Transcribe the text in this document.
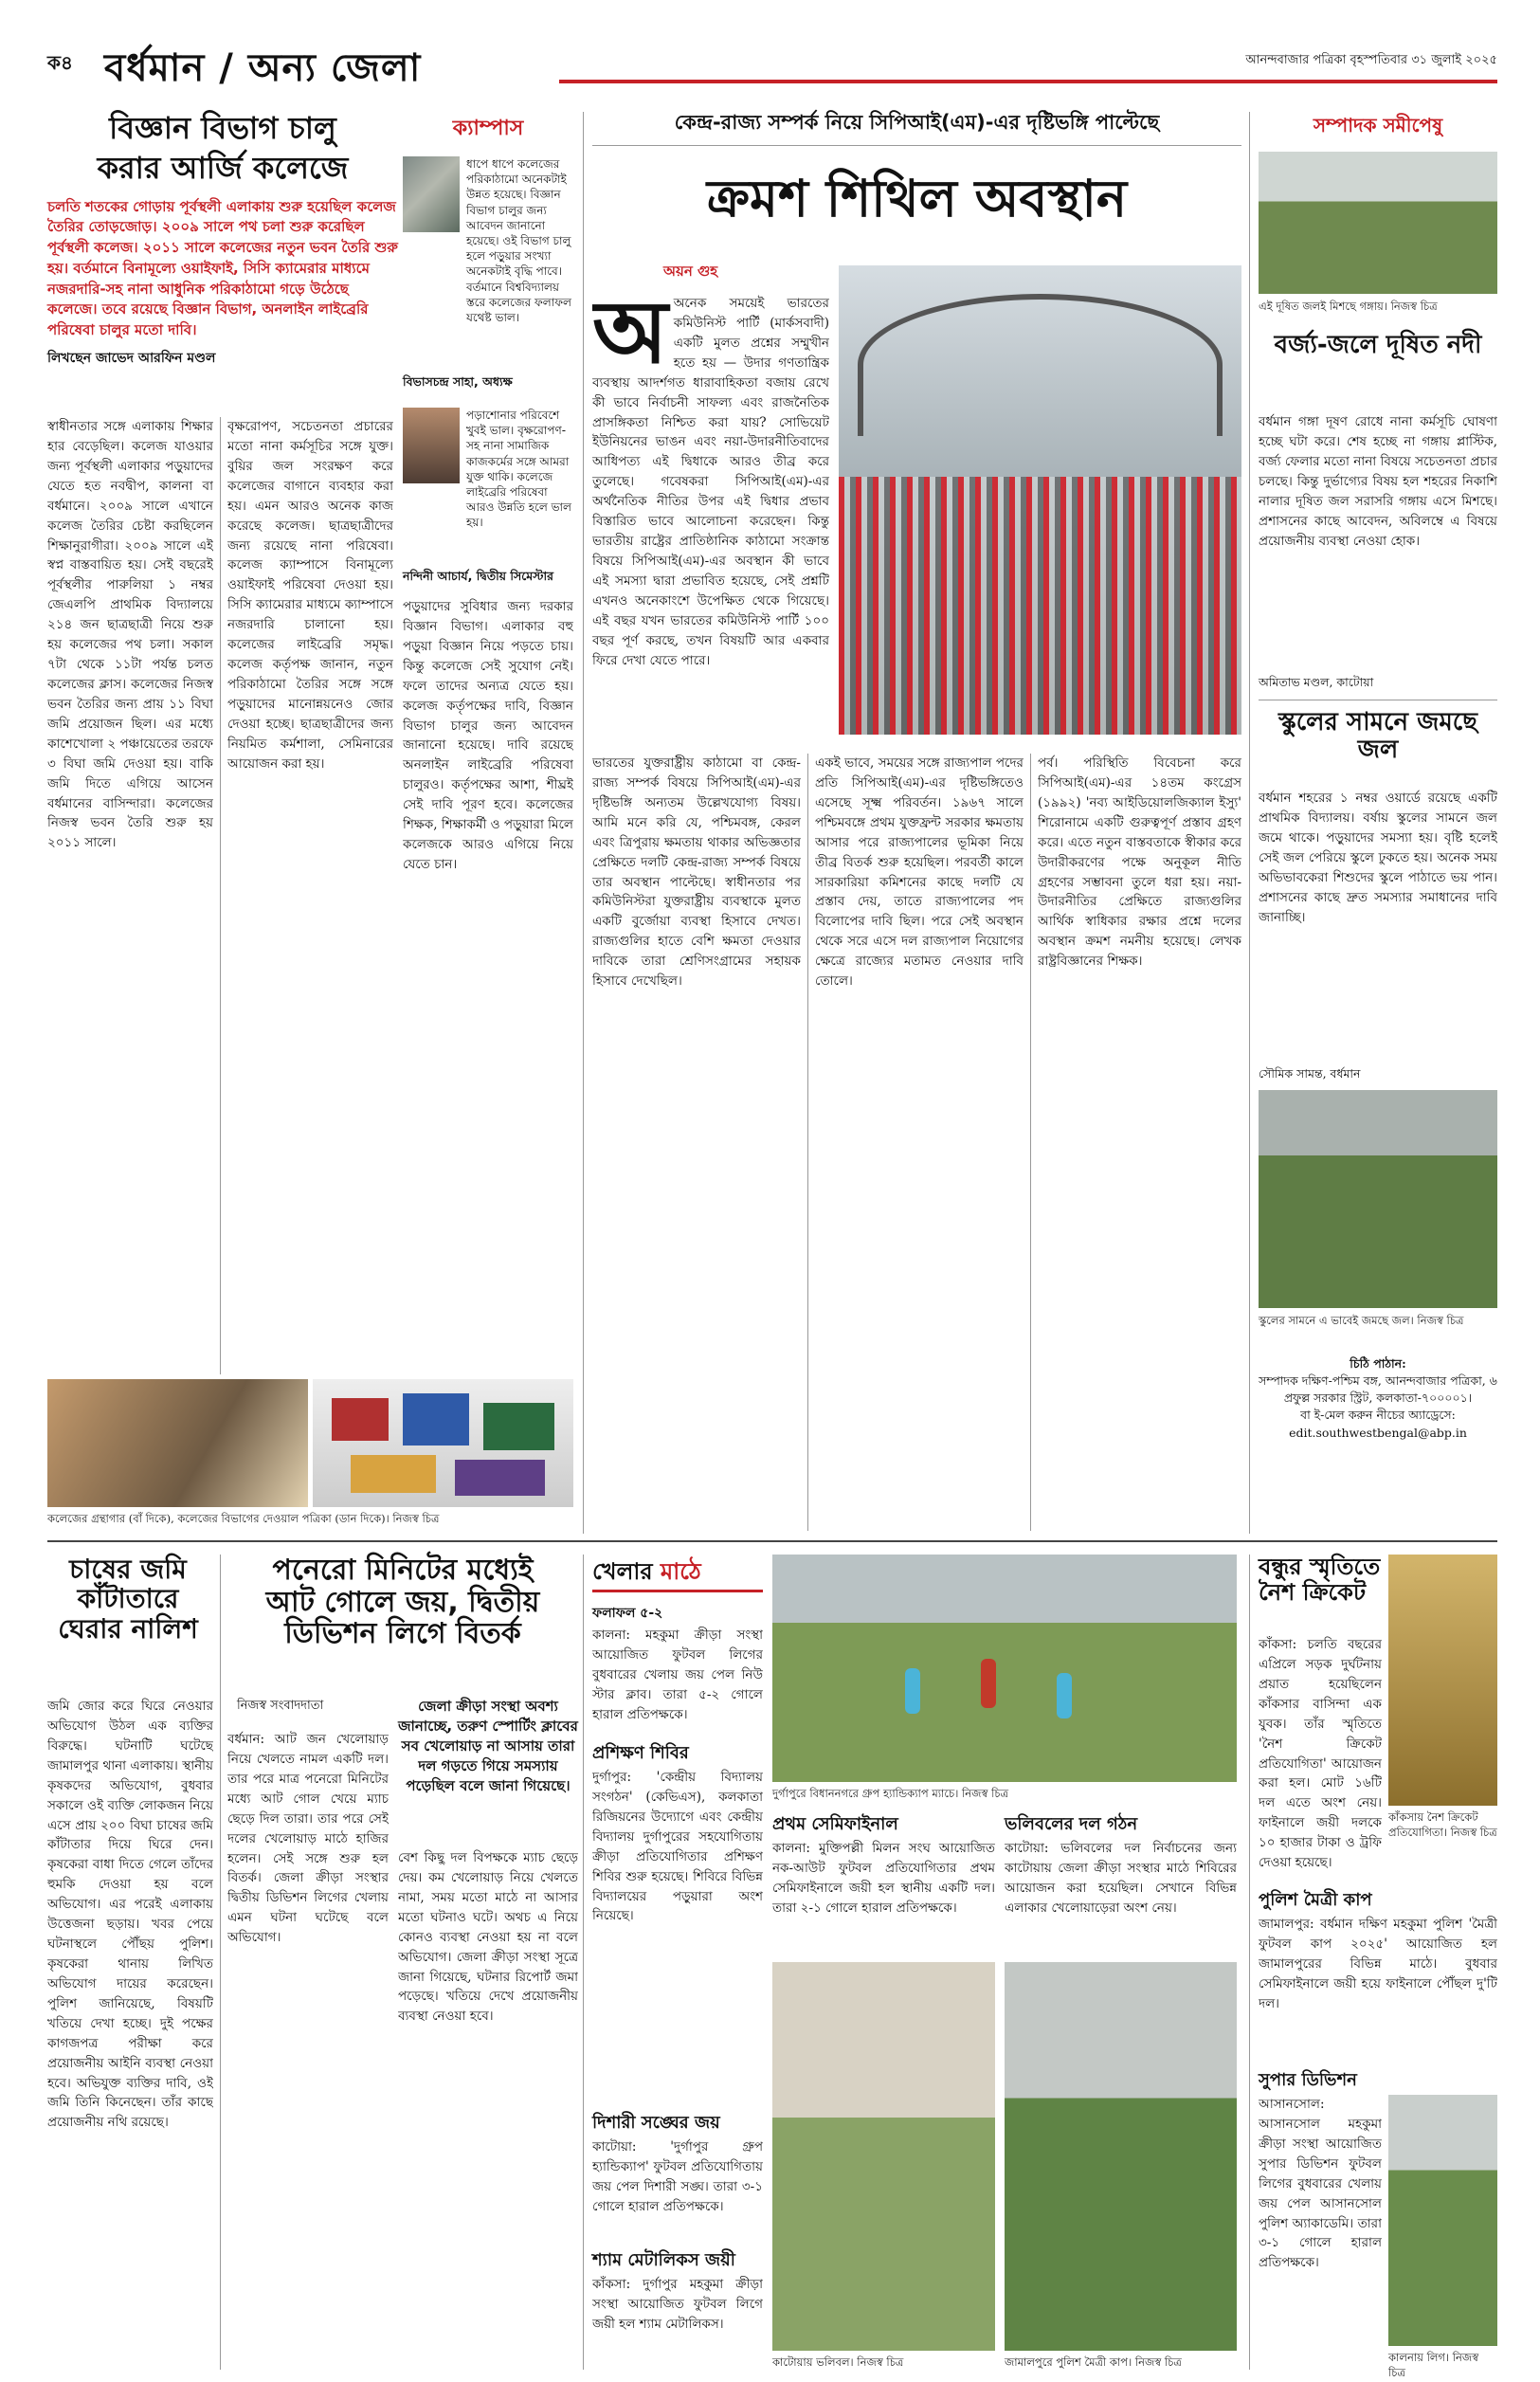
ক৪ বর্ধমান / অন্য জেলা	আনন্দবাজার পত্রিকা বৃহস্পতিবার ৩১ জুলাই ২০২৫
বিজ্ঞান বিভাগ চালু
করার আর্জি কলেজে
চলতি শতকের গোড়ায় পূর্বস্থলী এলাকায় শুরু হয়েছিল কলেজ তৈরির তোড়জোড়। ২০০৯ সালে পথ চলা শুরু করেছিল পূর্বস্থলী কলেজ। ২০১১ সালে কলেজের নতুন ভবন তৈরি শুরু হয়। বর্তমানে বিনামূল্যে ওয়াইফাই, সিসি ক্যামেরার মাধ্যমে নজরদারি-সহ নানা আধুনিক পরিকাঠামো গড়ে উঠেছে কলেজে। তবে রয়েছে বিজ্ঞান বিভাগ, অনলাইন লাইব্রেরি পরিষেবা চালুর মতো দাবি।
লিখছেন জাভেদ আরফিন মণ্ডল
স্বাধীনতার সঙ্গে এলাকায় শিক্ষার হার বেড়েছিল। কলেজ যাওয়ার জন্য পূর্বস্থলী এলাকার পড়ুয়াদের যেতে হত নবদ্বীপ, কালনা বা বর্ধমানে। ২০০৯ সালে এখানে কলেজ তৈরির চেষ্টা করছিলেন শিক্ষানুরাগীরা। ২০০৯ সালে এই স্বপ্ন বাস্তবায়িত হয়। সেই বছরেই পূর্বস্থলীর পারুলিয়া ১ নম্বর জেএলপি প্রাথমিক বিদ্যালয়ে ২১৪ জন ছাত্রছাত্রী নিয়ে শুরু হয় কলেজের পথ চলা। সকাল ৭টা থেকে ১১টা পর্যন্ত চলত কলেজের ক্লাস। কলেজের নিজস্ব ভবন তৈরির জন্য প্রায় ১১ বিঘা জমি প্রয়োজন ছিল। এর মধ্যে কাশেখোলা ২ পঞ্চায়েতের তরফে ৩ বিঘা জমি দেওয়া হয়। বাকি জমি দিতে এগিয়ে আসেন বর্ধমানের বাসিন্দারা। কলেজের নিজস্ব ভবন তৈরি শুরু হয় ২০১১ সালে।
বৃক্ষরোপণ, সচেতনতা প্রচারের মতো নানা কর্মসূচির সঙ্গে যুক্ত। বুয়ির জল সংরক্ষণ করে কলেজের বাগানে ব্যবহার করা হয়। এমন আরও অনেক কাজ করেছে কলেজ। ছাত্রছাত্রীদের জন্য রয়েছে নানা পরিষেবা। কলেজ ক্যাম্পাসে বিনামূল্যে ওয়াইফাই পরিষেবা দেওয়া হয়। সিসি ক্যামেরার মাধ্যমে ক্যাম্পাসে নজরদারি চালানো হয়। কলেজের লাইব্রেরি সমৃদ্ধ। কলেজ কর্তৃপক্ষ জানান, নতুন পরিকাঠামো তৈরির সঙ্গে সঙ্গে পড়ুয়াদের মানোন্নয়নেও জোর দেওয়া হচ্ছে। ছাত্রছাত্রীদের জন্য নিয়মিত কর্মশালা, সেমিনারের আয়োজন করা হয়।
ক্যাম্পাস
ধাপে ধাপে কলেজের পরিকাঠামো অনেকটাই উন্নত হয়েছে। বিজ্ঞান বিভাগ চালুর জন্য আবেদন জানানো হয়েছে। ওই বিভাগ চালু হলে পড়ুয়ার সংখ্যা অনেকটাই বৃদ্ধি পাবে। বর্তমানে বিশ্ববিদ্যালয় স্তরে কলেজের ফলাফল যথেষ্ট ভাল।
বিভাসচন্দ্র সাহা, অধ্যক্ষ
পড়াশোনার পরিবেশে খুবই ভাল। বৃক্ষরোপণ-সহ নানা সামাজিক কাজকর্মের সঙ্গে আমরা যুক্ত থাকি। কলেজে লাইব্রেরি পরিষেবা আরও উন্নতি হলে ভাল হয়।
নন্দিনী আচার্য, দ্বিতীয় সিমেস্টার
পড়ুয়াদের সুবিধার জন্য দরকার বিজ্ঞান বিভাগ। এলাকার বহু পড়ুয়া বিজ্ঞান নিয়ে পড়তে চায়। কিন্তু কলেজে সেই সুযোগ নেই। ফলে তাদের অন্যত্র যেতে হয়। কলেজ কর্তৃপক্ষের দাবি, বিজ্ঞান বিভাগ চালুর জন্য আবেদন জানানো হয়েছে। দাবি রয়েছে অনলাইন লাইব্রেরি পরিষেবা চালুরও। কর্তৃপক্ষের আশা, শীঘ্রই সেই দাবি পূরণ হবে। কলেজের শিক্ষক, শিক্ষাকর্মী ও পড়ুয়ারা মিলে কলেজকে আরও এগিয়ে নিয়ে যেতে চান।
কলেজের গ্রন্থাগার (বাঁ দিকে), কলেজের বিভাগের দেওয়াল পত্রিকা (ডান দিকে)। নিজস্ব চিত্র
কেন্দ্র-রাজ্য সম্পর্ক নিয়ে সিপিআই(এম)-এর দৃষ্টিভঙ্গি পাল্টেছে
ক্রমশ শিথিল অবস্থান
অয়ন গুহ
অঅনেক সময়েই ভারতের কমিউনিস্ট পার্টি (মার্কসবাদী) একটি মুলত প্রশ্নের সম্মুখীন হতে হয় — উদার গণতান্ত্রিক ব্যবস্থায় আদর্শগত ধারাবাহিকতা বজায় রেখে কী ভাবে নির্বাচনী সাফল্য এবং রাজনৈতিক প্রাসঙ্গিকতা নিশ্চিত করা যায়? সোভিয়েট ইউনিয়নের ভাঙন এবং নয়া-উদারনীতিবাদের আধিপত্য এই দ্বিধাকে আরও তীব্র করে তুলেছে। গবেষকরা সিপিআই(এম)-এর অর্থনৈতিক নীতির উপর এই দ্বিধার প্রভাব বিস্তারিত ভাবে আলোচনা করেছেন। কিন্তু ভারতীয় রাষ্ট্রের প্রাতিষ্ঠানিক কাঠামো সংক্রান্ত বিষয়ে সিপিআই(এম)-এর অবস্থান কী ভাবে এই সমস্যা দ্বারা প্রভাবিত হয়েছে, সেই প্রশ্নটি এখনও অনেকাংশে উপেক্ষিত থেকে গিয়েছে। এই বছর যখন ভারতের কমিউনিস্ট পার্টি ১০০ বছর পূর্ণ করছে, তখন বিষয়টি আর একবার ফিরে দেখা যেতে পারে।
ভারতের যুক্তরাষ্ট্রীয় কাঠামো বা কেন্দ্র-রাজ্য সম্পর্ক বিষয়ে সিপিআই(এম)-এর দৃষ্টিভঙ্গি অন্যতম উল্লেখযোগ্য বিষয়। আমি মনে করি যে, পশ্চিমবঙ্গ, কেরল এবং ত্রিপুরায় ক্ষমতায় থাকার অভিজ্ঞতার প্রেক্ষিতে দলটি কেন্দ্র-রাজ্য সম্পর্ক বিষয়ে তার অবস্থান পাল্টেছে। স্বাধীনতার পর কমিউনিস্টরা যুক্তরাষ্ট্রীয় ব্যবস্থাকে মুলত একটি বুর্জোয়া ব্যবস্থা হিসাবে দেখত। রাজ্যগুলির হাতে বেশি ক্ষমতা দেওয়ার দাবিকে তারা শ্রেণিসংগ্রামের সহায়ক হিসাবে দেখেছিল।
একই ভাবে, সময়ের সঙ্গে রাজ্যপাল পদের প্রতি সিপিআই(এম)-এর দৃষ্টিভঙ্গিতেও এসেছে সূক্ষ্ম পরিবর্তন। ১৯৬৭ সালে পশ্চিমবঙ্গে প্রথম যুক্তফ্রন্ট সরকার ক্ষমতায় আসার পরে রাজ্যপালের ভূমিকা নিয়ে তীব্র বিতর্ক শুরু হয়েছিল। পরবর্তী কালে সারকারিয়া কমিশনের কাছে দলটি যে প্রস্তাব দেয়, তাতে রাজ্যপালের পদ বিলোপের দাবি ছিল। পরে সেই অবস্থান থেকে সরে এসে দল রাজ্যপাল নিয়োগের ক্ষেত্রে রাজ্যের মতামত নেওয়ার দাবি তোলে।
পর্ব। পরিস্থিতি বিবেচনা করে সিপিআই(এম)-এর ১৪তম কংগ্রেস (১৯৯২) 'নব্য আইডিয়োলজিক্যাল ইস্যু' শিরোনামে একটি গুরুত্বপূর্ণ প্রস্তাব গ্রহণ করে। এতে নতুন বাস্তবতাকে স্বীকার করে উদারীকরণের পক্ষে অনুকূল নীতি গ্রহণের সম্ভাবনা তুলে ধরা হয়। নয়া-উদারনীতির প্রেক্ষিতে রাজ্যগুলির আর্থিক স্বাধিকার রক্ষার প্রশ্নে দলের অবস্থান ক্রমশ নমনীয় হয়েছে। লেখক রাষ্ট্রবিজ্ঞানের শিক্ষক।
সম্পাদক সমীপেষু
এই দূষিত জলই মিশছে গঙ্গায়। নিজস্ব চিত্র
বর্জ্য-জলে দূষিত নদী
বর্ধমান গঙ্গা দূষণ রোধে নানা কর্মসূচি ঘোষণা হচ্ছে ঘটা করে। শেষ হচ্ছে না গঙ্গায় প্লাস্টিক, বর্জ্য ফেলার মতো নানা বিষয়ে সচেতনতা প্রচার চলছে। কিন্তু দুর্ভাগ্যের বিষয় হল শহরের নিকাশি নালার দূষিত জল সরাসরি গঙ্গায় এসে মিশছে। প্রশাসনের কাছে আবেদন, অবিলম্বে এ বিষয়ে প্রয়োজনীয় ব্যবস্থা নেওয়া হোক।
অমিতাভ মণ্ডল, কাটোয়া
স্কুলের সামনে জমছে জল
বর্ধমান শহরের ১ নম্বর ওয়ার্ডে রয়েছে একটি প্রাথমিক বিদ্যালয়। বর্ষায় স্কুলের সামনে জল জমে থাকে। পড়ুয়াদের সমস্যা হয়। বৃষ্টি হলেই সেই জল পেরিয়ে স্কুলে ঢুকতে হয়। অনেক সময় অভিভাবকেরা শিশুদের স্কুলে পাঠাতে ভয় পান। প্রশাসনের কাছে দ্রুত সমস্যার সমাধানের দাবি জানাচ্ছি।
সৌমিক সামন্ত, বর্ধমান
স্কুলের সামনে এ ভাবেই জমছে জল। নিজস্ব চিত্র
চিঠি পাঠান:
সম্পাদক দক্ষিণ-পশ্চিম বঙ্গ, আনন্দবাজার পত্রিকা, ৬ প্রফুল্ল সরকার স্ট্রিট, কলকাতা-৭০০০০১।
বা ই-মেল করুন নীচের অ্যাড্রেসে: edit.southwestbengal@abp.in
চাষের জমি কাঁটাতারে ঘেরার নালিশ
জমি জোর করে ঘিরে নেওয়ার অভিযোগ উঠল এক ব্যক্তির বিরুদ্ধে। ঘটনাটি ঘটেছে জামালপুর থানা এলাকায়। স্থানীয় কৃষকদের অভিযোগ, বুধবার সকালে ওই ব্যক্তি লোকজন নিয়ে এসে প্রায় ২০০ বিঘা চাষের জমি কাঁটাতার দিয়ে ঘিরে দেন। কৃষকেরা বাধা দিতে গেলে তাঁদের হুমকি দেওয়া হয় বলে অভিযোগ। এর পরেই এলাকায় উত্তেজনা ছড়ায়। খবর পেয়ে ঘটনাস্থলে পৌঁছয় পুলিশ। কৃষকেরা থানায় লিখিত অভিযোগ দায়ের করেছেন। পুলিশ জানিয়েছে, বিষয়টি খতিয়ে দেখা হচ্ছে। দুই পক্ষের কাগজপত্র পরীক্ষা করে প্রয়োজনীয় আইনি ব্যবস্থা নেওয়া হবে। অভিযুক্ত ব্যক্তির দাবি, ওই জমি তিনি কিনেছেন। তাঁর কাছে প্রয়োজনীয় নথি রয়েছে।
পনেরো মিনিটের মধ্যেই
আট গোলে জয়, দ্বিতীয়
ডিভিশন লিগে বিতর্ক
নিজস্ব সংবাদদাতা	জেলা ক্রীড়া সংস্থা অবশ্য জানাচ্ছে, তরুণ স্পোর্টিং ক্লাবের সব খেলোয়াড় না আসায় তারা দল গড়তে গিয়ে সমস্যায় পড়েছিল বলে জানা গিয়েছে।
বর্ধমান: আট জন খেলোয়াড় নিয়ে খেলতে নামল একটি দল। তার পরে মাত্র পনেরো মিনিটের মধ্যে আট গোল খেয়ে ম্যাচ ছেড়ে দিল তারা। তার পরে সেই দলের খেলোয়াড় মাঠে হাজির হলেন। সেই সঙ্গে শুরু হল বিতর্ক। জেলা ক্রীড়া সংস্থার দ্বিতীয় ডিভিশন লিগের খেলায় এমন ঘটনা ঘটেছে বলে অভিযোগ।
বেশ কিছু দল বিপক্ষকে ম্যাচ ছেড়ে দেয়। কম খেলোয়াড় নিয়ে খেলতে নামা, সময় মতো মাঠে না আসার মতো ঘটনাও ঘটে। অথচ এ নিয়ে কোনও ব্যবস্থা নেওয়া হয় না বলে অভিযোগ। জেলা ক্রীড়া সংস্থা সূত্রে জানা গিয়েছে, ঘটনার রিপোর্ট জমা পড়েছে। খতিয়ে দেখে প্রয়োজনীয় ব্যবস্থা নেওয়া হবে।
খেলার মাঠে
ফলাফল ৫-২
কালনা: মহকুমা ক্রীড়া সংস্থা আয়োজিত ফুটবল লিগের বুধবারের খেলায় জয় পেল নিউ স্টার ক্লাব। তারা ৫-২ গোলে হারাল প্রতিপক্ষকে।
দুর্গাপুরে বিধাননগরে গ্রুপ হ্যান্ডিক্যাপ ম্যাচে। নিজস্ব চিত্র
প্রশিক্ষণ শিবির
দুর্গাপুর: 'কেন্দ্রীয় বিদ্যালয় সংগঠন' (কেভিএস), কলকাতা রিজিয়নের উদ্যোগে এবং কেন্দ্রীয় বিদ্যালয় দুর্গাপুরের সহযোগিতায় ক্রীড়া প্রতিযোগিতার প্রশিক্ষণ শিবির শুরু হয়েছে। শিবিরে বিভিন্ন বিদ্যালয়ের পড়ুয়ারা অংশ নিয়েছে।
প্রথম সেমিফাইনাল
কালনা: মুক্তিপল্লী মিলন সংঘ আয়োজিত নক-আউট ফুটবল প্রতিযোগিতার প্রথম সেমিফাইনালে জয়ী হল স্থানীয় একটি দল। তারা ২-১ গোলে হারাল প্রতিপক্ষকে।
ভলিবলের দল গঠন
কাটোয়া: ভলিবলের দল নির্বাচনের জন্য কাটোয়ায় জেলা ক্রীড়া সংস্থার মাঠে শিবিরের আয়োজন করা হয়েছিল। সেখানে বিভিন্ন এলাকার খেলোয়াড়েরা অংশ নেয়।
দিশারী সঙ্ঘের জয়
কাটোয়া: 'দুর্গাপুর গ্রুপ হ্যান্ডিক্যাপ' ফুটবল প্রতিযোগিতায় জয় পেল দিশারী সঙ্ঘ। তারা ৩-১ গোলে হারাল প্রতিপক্ষকে।
শ্যাম মেটালিকস জয়ী
কাঁকসা: দুর্গাপুর মহকুমা ক্রীড়া সংস্থা আয়োজিত ফুটবল লিগে জয়ী হল শ্যাম মেটালিকস।
কাটোয়ায় ভলিবল। নিজস্ব চিত্র	জামালপুরে পুলিশ মৈত্রী কাপ। নিজস্ব চিত্র
বন্ধুর স্মৃতিতে নৈশ ক্রিকেট
কাঁকসা: চলতি বছরের এপ্রিলে সড়ক দুর্ঘটনায় প্রয়াত হয়েছিলেন কাঁকসার বাসিন্দা এক যুবক। তাঁর স্মৃতিতে 'নৈশ ক্রিকেট প্রতিযোগিতা' আয়োজন করা হল। মোট ১৬টি দল এতে অংশ নেয়। ফাইনালে জয়ী দলকে ১০ হাজার টাকা ও ট্রফি দেওয়া হয়েছে।
কাঁকসায় নৈশ ক্রিকেট প্রতিযোগিতা। নিজস্ব চিত্র
পুলিশ মৈত্রী কাপ
জামালপুর: বর্ধমান দক্ষিণ মহকুমা পুলিশ 'মৈত্রী ফুটবল কাপ ২০২৫' আয়োজিত হল জামালপুরের বিভিন্ন মাঠে। বুধবার সেমিফাইনালে জয়ী হয়ে ফাইনালে পৌঁছল দু'টি দল।
সুপার ডিভিশন
আসানসোল: আসানসোল মহকুমা ক্রীড়া সংস্থা আয়োজিত সুপার ডিভিশন ফুটবল লিগের বুধবারের খেলায় জয় পেল আসানসোল পুলিশ অ্যাকাডেমি। তারা ৩-১ গোলে হারাল প্রতিপক্ষকে।
কালনায় লিগ। নিজস্ব চিত্র
